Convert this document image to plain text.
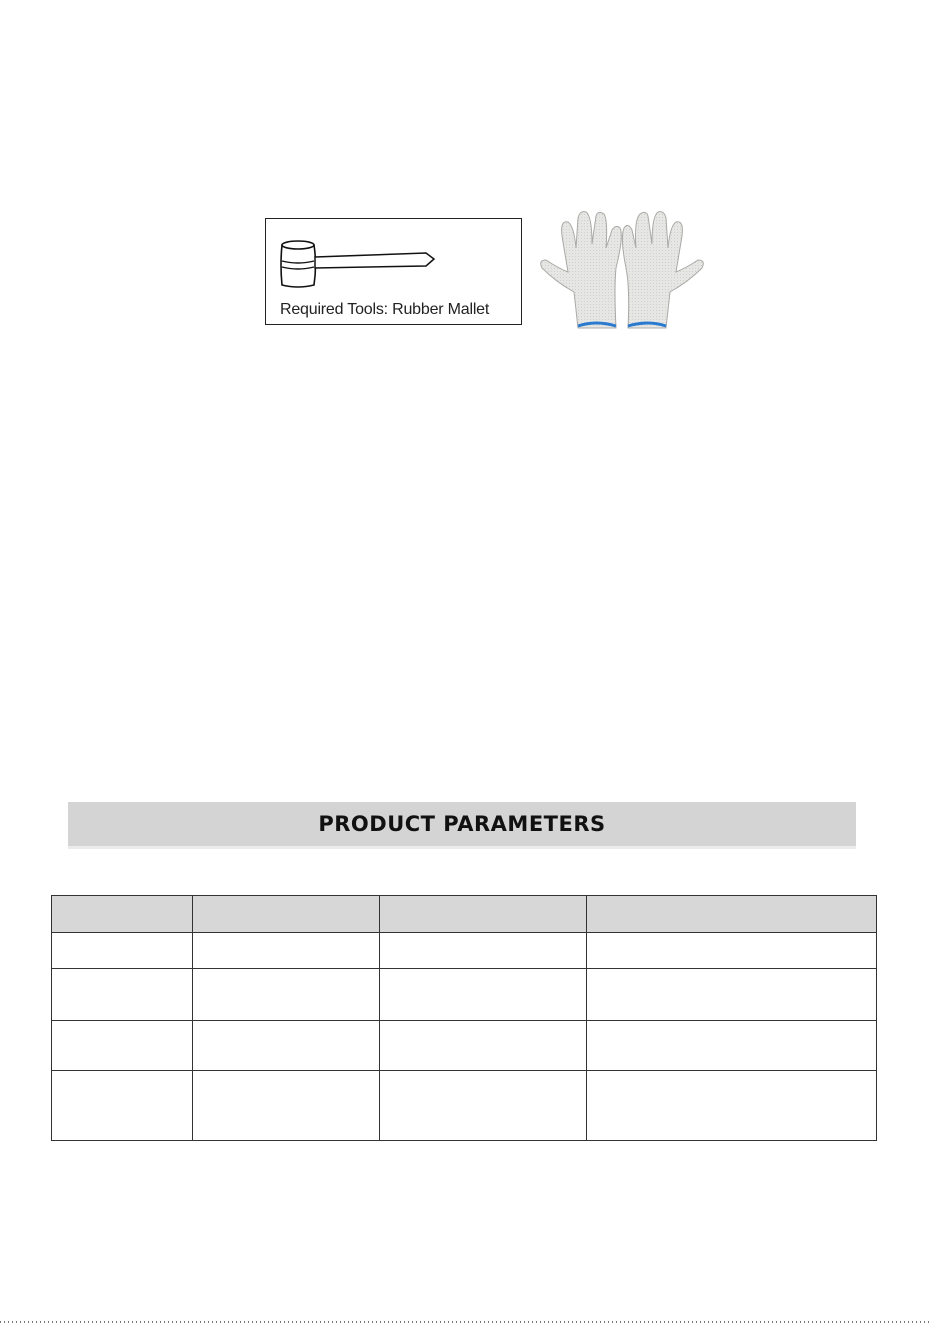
Required Tools: Rubber Mallet
PRODUCT PARAMETERS
